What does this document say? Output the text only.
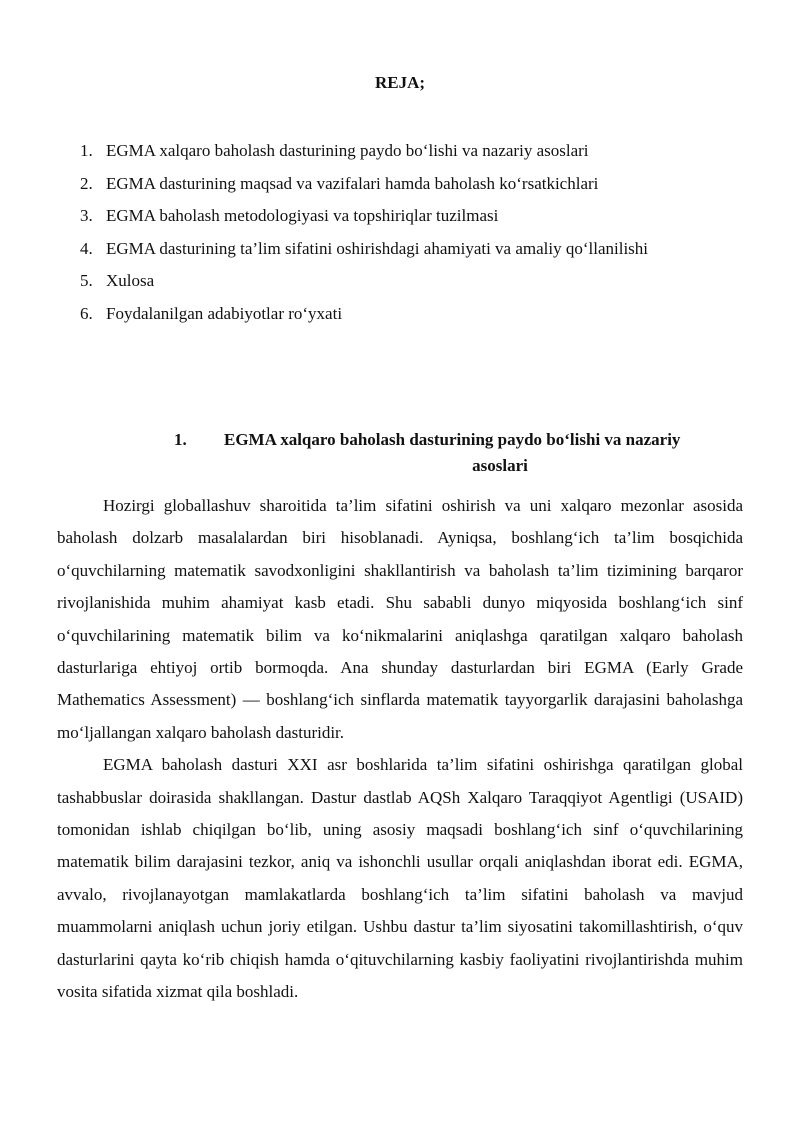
REJA;
1. EGMA xalqaro baholash dasturining paydo bo‘lishi va nazariy asoslari
2. EGMA dasturining maqsad va vazifalari hamda baholash ko‘rsatkichlari
3. EGMA baholash metodologiyasi va topshiriqlar tuzilmasi
4. EGMA dasturining ta’lim sifatini oshirishdagi ahamiyati va amaliy qo‘llanilishi
5. Xulosa
6. Foydalanilgan adabiyotlar ro‘yxati
1. EGMA xalqaro baholash dasturining paydo bo‘lishi va nazariy
asoslari

Hozirgi globallashuv sharoitida ta’lim sifatini oshirish va uni xalqaro mezonlar asosida baholash dolzarb masalalardan biri hisoblanadi. Ayniqsa, boshlang‘ich ta’lim bosqichida o‘quvchilarning matematik savodxonligini shakllantirish va baholash ta’lim tizimining barqaror rivojlanishida muhim ahamiyat kasb etadi. Shu sababli dunyo miqyosida boshlang‘ich sinf o‘quvchilarining matematik bilim va ko‘nikmalarini aniqlashga qaratilgan xalqaro baholash dasturlariga ehtiyoj ortib bormoqda. Ana shunday dasturlardan biri EGMA (Early Grade Mathematics Assessment) — boshlang‘ich sinflarda matematik tayyorgarlik darajasini baholashga mo‘ljallangan xalqaro baholash dasturidir.

EGMA baholash dasturi XXI asr boshlarida ta’lim sifatini oshirishga qaratilgan global tashabbuslar doirasida shakllangan. Dastur dastlab AQSh Xalqaro Taraqqiyot Agentligi (USAID) tomonidan ishlab chiqilgan bo‘lib, uning asosiy maqsadi boshlang‘ich sinf o‘quvchilarining matematik bilim darajasini tezkor, aniq va ishonchli usullar orqali aniqlashdan iborat edi. EGMA, avvalo, rivojlanayotgan mamlakatlarda boshlang‘ich ta’lim sifatini baholash va mavjud muammolarni aniqlash uchun joriy etilgan. Ushbu dastur ta’lim siyosatini takomillashtirish, o‘quv dasturlarini qayta ko‘rib chiqish hamda o‘qituvchilarning kasbiy faoliyatini rivojlantirishda muhim vosita sifatida xizmat qila boshladi.
